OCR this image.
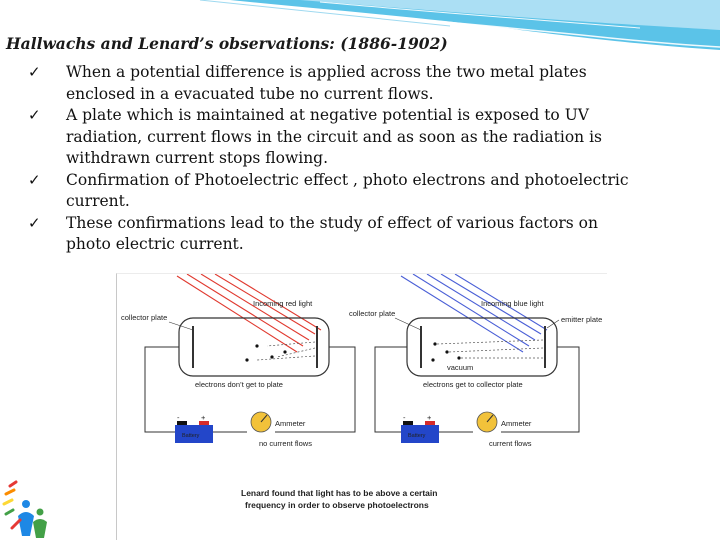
Hallwachs and Lenard’s observations: (1886-1902)
✓	When a potential difference is applied across the two metal plates enclosed in a evacuated tube no current flows.
✓	A plate which is maintained at negative potential is exposed to UV radiation, current flows in the circuit and as soon as the radiation is withdrawn current stops flowing.
✓	Confirmation of Photoelectric effect , photo electrons and photoelectric current.
✓	These confirmations lead to the study of effect of various factors on photo electric current.
-	+
Battery
Ammeter
no current flows
Incoming red light
collector plate
electrons don’t get to plate
-	+
Battery
Ammeter
current flows
Incoming blue light
collector plate
emitter plate
vacuum
electrons get to collector plate
Lenard found that light has to be above a certain
frequency in order to observe photoelectrons
